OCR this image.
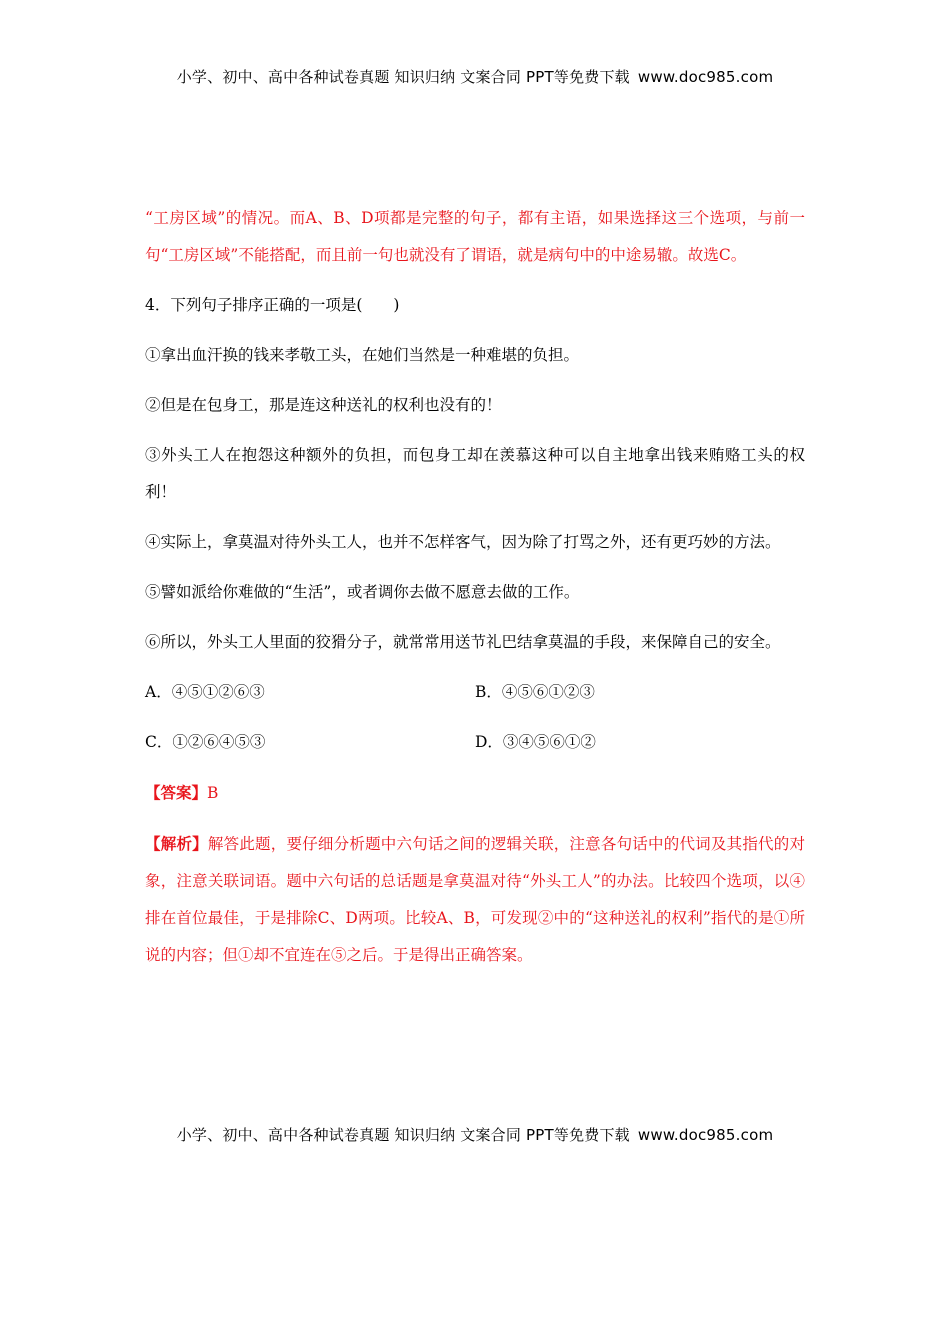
小学、初中、高中各种试卷真题 知识归纳 文案合同 PPT等免费下载 www.doc985.com

“工房区域”的情况。而A、B、D项都是完整的句子，都有主语，如果选择这三个选项，与前一句“工房区域”不能搭配，而且前一句也就没有了谓语，就是病句中的中途易辙。故选C。

4．下列句子排序正确的一项是(　　)

①拿出血汗换的钱来孝敬工头，在她们当然是一种难堪的负担。

②但是在包身工，那是连这种送礼的权利也没有的！

③外头工人在抱怨这种额外的负担，而包身工却在羡慕这种可以自主地拿出钱来贿赂工头的权利！

④实际上，拿莫温对待外头工人，也并不怎样客气，因为除了打骂之外，还有更巧妙的方法。

⑤譬如派给你难做的“生活”，或者调你去做不愿意去做的工作。

⑥所以，外头工人里面的狡猾分子，就常常用送节礼巴结拿莫温的手段，来保障自己的安全。

A．④⑤①②⑥③	B．④⑤⑥①②③
C．①②⑥④⑤③	D．③④⑤⑥①②

【答案】B

【解析】解答此题，要仔细分析题中六句话之间的逻辑关联，注意各句话中的代词及其指代的对象，注意关联词语。题中六句话的总话题是拿莫温对待“外头工人”的办法。比较四个选项，以④排在首位最佳，于是排除C、D两项。比较A、B，可发现②中的“这种送礼的权利”指代的是①所说的内容；但①却不宜连在⑤之后。于是得出正确答案。

小学、初中、高中各种试卷真题 知识归纳 文案合同 PPT等免费下载 www.doc985.com
